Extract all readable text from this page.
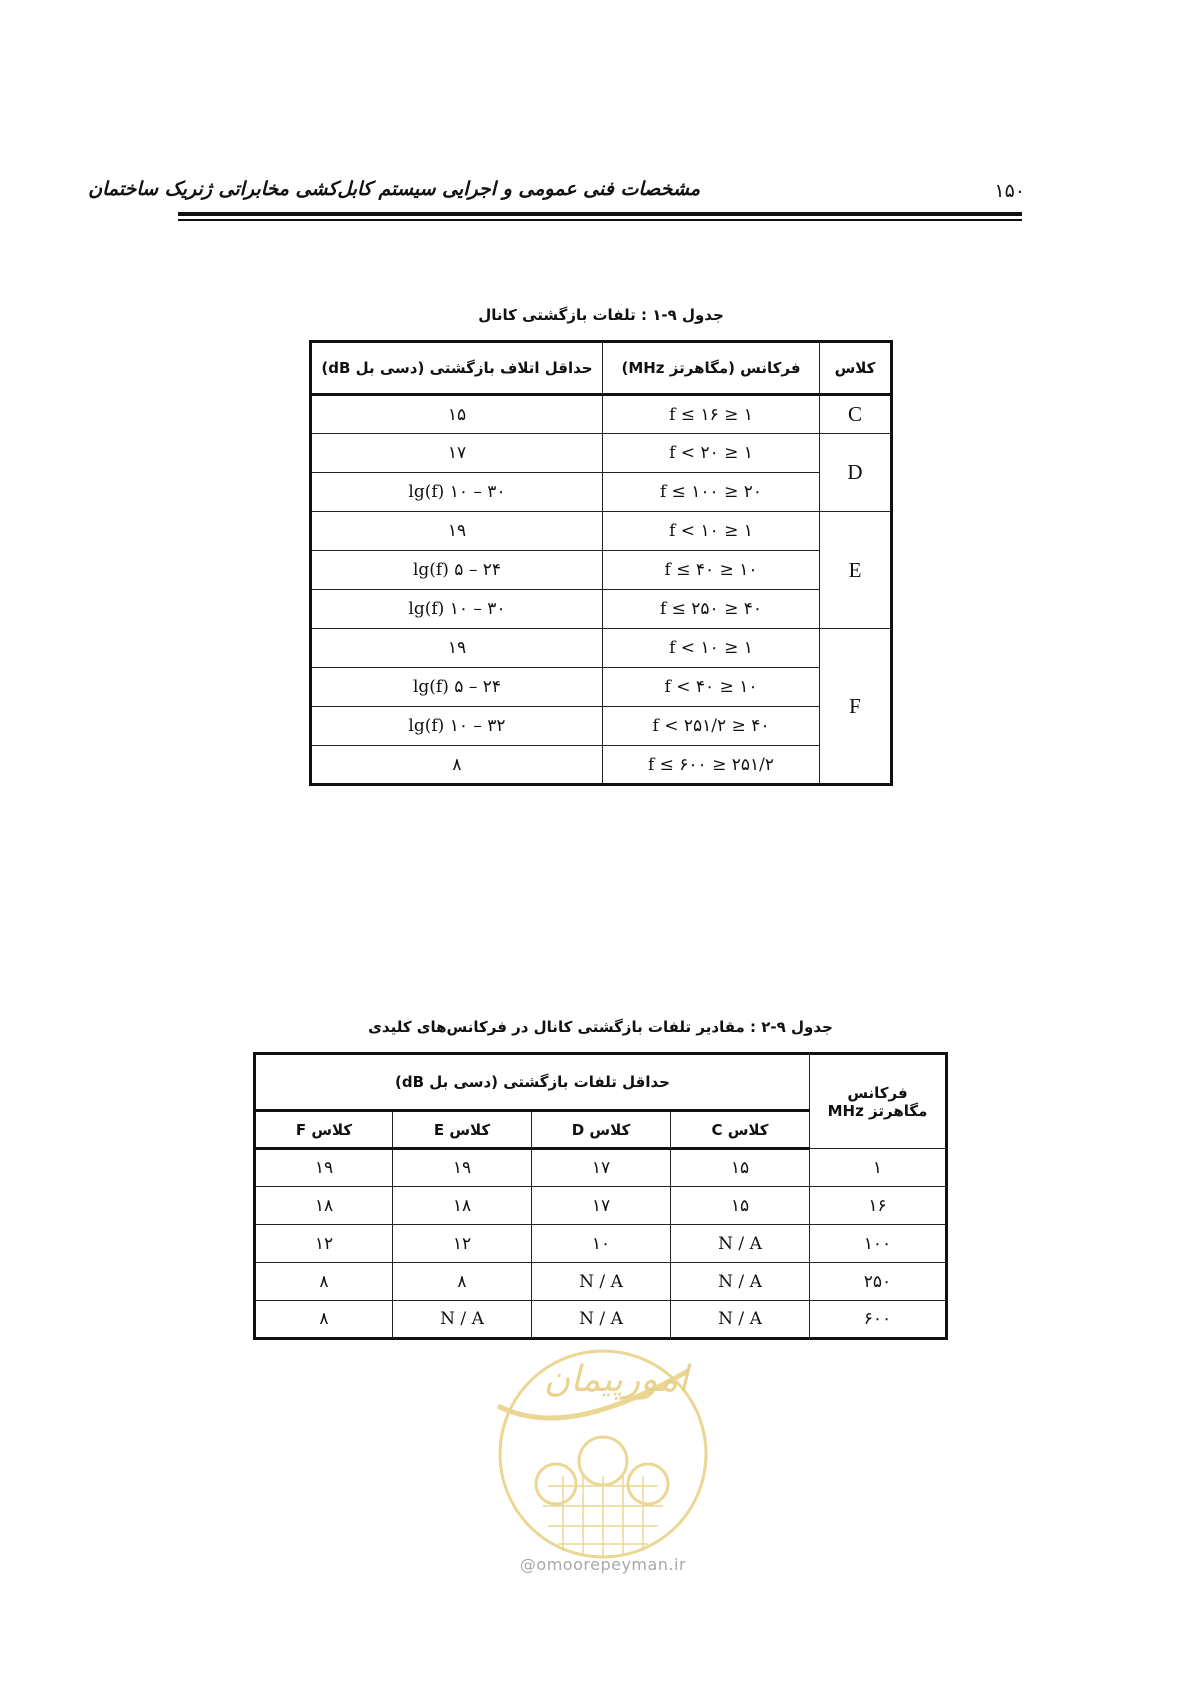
مشخصات فنی عمومی و اجرایی سیستم کابل‌کشی مخابراتی ژنریک ساختمان	۱۵۰
جدول ۹-۱ : تلفات بازگشتی کانال
کلاس	فرکانس (مگاهرتز MHz)	حداقل اتلاف بازگشتی (دسی بل dB)
C	۱ ≤ f ≤ ۱۶	۱۵
D	۱ ≤ f < ۲۰	۱۷
	۲۰ ≤ f ≤ ۱۰۰	۳۰ – ۱۰ lg(f)
E	۱ ≤ f < ۱۰	۱۹
	۱۰ ≤ f ≤ ۴۰	۲۴ – ۵ lg(f)
	۴۰ ≤ f ≤ ۲۵۰	۳۰ – ۱۰ lg(f)
F	۱ ≤ f < ۱۰	۱۹
	۱۰ ≤ f < ۴۰	۲۴ – ۵ lg(f)
	۴۰ ≤ f < ۲۵۱/۲	۳۲ – ۱۰ lg(f)
	۲۵۱/۲ ≤ f ≤ ۶۰۰	۸
جدول ۹-۲ : مقادیر تلفات بازگشتی کانال در فرکانس‌های کلیدی
فرکانس
مگاهرتز MHz	حداقل تلفات بازگشتی (دسی بل dB)			
	کلاس C	کلاس D	کلاس E	کلاس F
۱	۱۵	۱۷	۱۹	۱۹
۱۶	۱۵	۱۷	۱۸	۱۸
۱۰۰	N / A	۱۰	۱۲	۱۲
۲۵۰	N / A	N / A	۸	۸
۶۰۰	N / A	N / A	N / A	۸
امورپیمان
@omoorepeyman.ir
